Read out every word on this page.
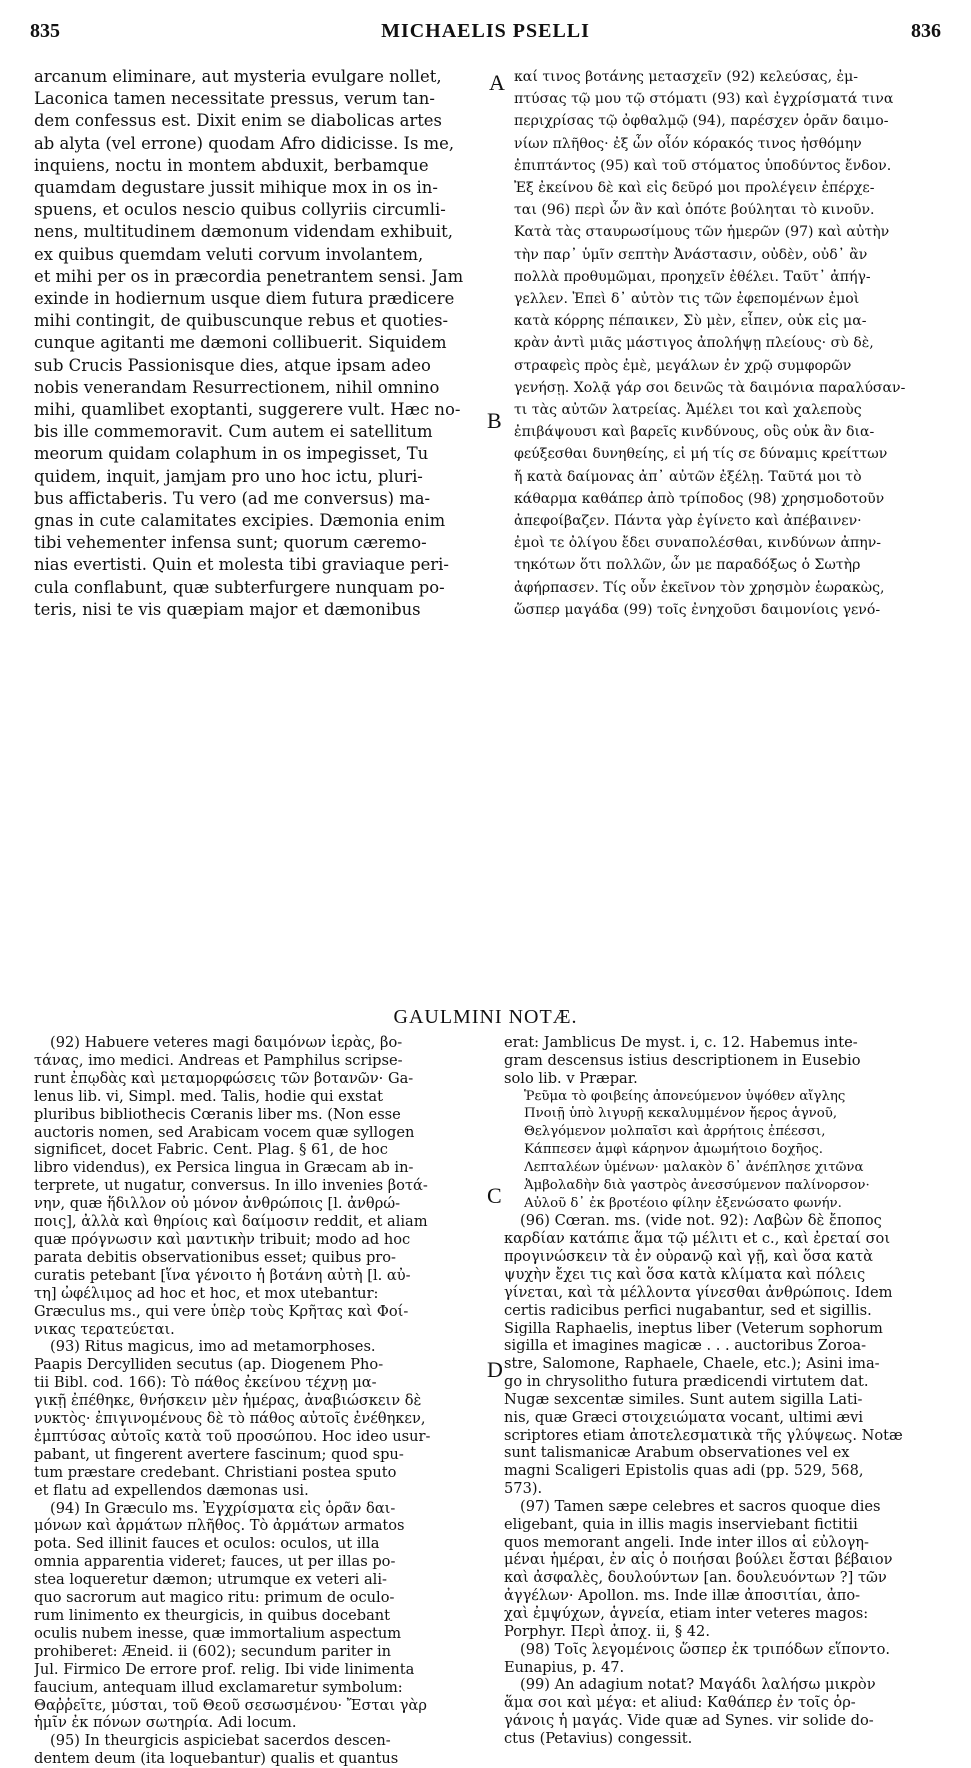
835	MICHAELIS PSELLI	836
A
B
C
D
arcanum eliminare, aut mysteria evulgare nollet,
Laconica tamen necessitate pressus, verum tan-
dem confessus est. Dixit enim se diabolicas artes
ab alyta (vel errone) quodam Afro didicisse. Is me,
inquiens, noctu in montem abduxit, berbamque
quamdam degustare jussit mihique mox in os in-
spuens, et oculos nescio quibus collyriis circumli-
nens, multitudinem dæmonum videndam exhibuit,
ex quibus quemdam veluti corvum involantem,
et mihi per os in præcordia penetrantem sensi. Jam
exinde in hodiernum usque diem futura prædicere
mihi contingit, de quibuscunque rebus et quoties-
cunque agitanti me dæmoni collibuerit. Siquidem
sub Crucis Passionisque dies, atque ipsam adeo
nobis venerandam Resurrectionem, nihil omnino
mihi, quamlibet exoptanti, suggerere vult. Hæc no-
bis ille commemoravit. Cum autem ei satellitum
meorum quidam colaphum in os impegisset, Tu
quidem, inquit, jamjam pro uno hoc ictu, pluri-
bus affictaberis. Tu vero (ad me conversus) ma-
gnas in cute calamitates excipies. Dæmonia enim
tibi vehementer infensa sunt; quorum cæremo-
nias evertisti. Quin et molesta tibi graviaque peri-
cula conflabunt, quæ subterfurgere nunquam po-
teris, nisi te vis quæpiam major et dæmonibus
καί τινος βοτάνης μετασχεῖν (92) κελεύσας, ἐμ-
πτύσας τῷ μου τῷ στόματι (93) καὶ ἐγχρίσματά τινα
περιχρίσας τῷ ὀφθαλμῷ (94), παρέσχεν ὁρᾶν δαιμο-
νίων πλῆθος· ἐξ ὧν οἷόν κόρακός τινος ἠσθόμην
ἐπιπτάντος (95) καὶ τοῦ στόματος ὑποδύντος ἔνδον.
Ἐξ ἐκείνου δὲ καὶ εἰς δεῦρό μοι προλέγειν ἐπέρχε-
ται (96) περὶ ὧν ἂν καὶ ὁπότε βούληται τὸ κινοῦν.
Κατὰ τὰς σταυρωσίμους τῶν ἡμερῶν (97) καὶ αὐτὴν
τὴν παρ᾽ ὑμῖν σεπτὴν Ἀνάστασιν, οὐδὲν, οὐδ᾽ ἂν
πολλὰ προθυμῶμαι, προηχεῖν ἐθέλει. Ταῦτ᾽ ἀπήγ-
γελλεν. Ἐπεὶ δ᾽ αὐτὸν τις τῶν ἐφεπομένων ἐμοὶ
κατὰ κόρρης πέπαικεν, Σὺ μὲν, εἶπεν, οὐκ εἰς μα-
κρὰν ἀντὶ μιᾶς μάστιγος ἀπολήψῃ πλείους· σὺ δὲ,
στραφεὶς πρὸς ἐμὲ, μεγάλων ἐν χρῷ συμφορῶν
γενήσῃ. Χολᾷ γάρ σοι δεινῶς τὰ δαιμόνια παραλύσαν-
τι τὰς αὐτῶν λατρείας. Ἀμέλει τοι καὶ χαλεποὺς
ἐπιβάψουσι καὶ βαρεῖς κινδύνους, οὓς οὐκ ἂν δια-
φεύξεσθαι δυνηθείης, εἰ μή τίς σε δύναμις κρείττων
ἤ κατὰ δαίμονας ἀπ᾽ αὐτῶν ἐξέλῃ. Ταῦτά μοι τὸ
κάθαρμα καθάπερ ἀπὸ τρίποδος (98) χρησμοδοτοῦν
ἀπεφοίβαζεν. Πάντα γὰρ ἐγίνετο καὶ ἀπέβαινεν·
ἐμοὶ τε ὀλίγου ἔδει συναπολέσθαι, κινδύνων ἀπην-
τηκότων ὅτι πολλῶν, ὧν με παραδόξως ὁ Σωτὴρ
ἀφήρπασεν. Τίς οὖν ἐκεῖνον τὸν χρησμὸν ἑωρακὼς,
ὥσπερ μαγάδα (99) τοῖς ἐνηχοῦσι δαιμονίοις γενό-
GAULMINI NOTÆ.
(92) Habuere veteres magi δαιμόνων ἱερὰς, βο-
τάνας, imo medici. Andreas et Pamphilus scripse-
runt ἐπῳδὰς καὶ μεταμορφώσεις τῶν βοτανῶν· Ga-
lenus lib. vi, Simpl. med. Talis, hodie qui exstat
pluribus bibliothecis Cœranis liber ms. (Non esse
auctoris nomen, sed Arabicam vocem quæ syllogen
significet, docet Fabric. Cent. Plag. § 61, de hoc
libro videndus), ex Persica lingua in Græcam ab in-
terprete, ut nugatur, conversus. In illo invenies βοτά-
νην, quæ ἥδιλλον οὐ μόνον ἀνθρώποις [l. ἀνθρώ-
ποις], ἀλλὰ καὶ θηρίοις καὶ δαίμοσιν reddit, et aliam
quæ πρόγνωσιν καὶ μαντικὴν tribuit; modo ad hoc
parata debitis observationibus esset; quibus pro-
curatis petebant [ἵνα γένοιτο ἡ βοτάνη αὐτὴ [l. αὐ-
τη] ὠφέλιμος ad hoc et hoc, et mox utebantur:
Græculus ms., qui vere ὑπὲρ τοὺς Κρῆτας καὶ Φοί-
νικας τερατεύεται.
(93) Ritus magicus, imo ad metamorphoses.
Paapis Dercylliden secutus (ap. Diogenem Pho-
tii Bibl. cod. 166): Τὸ πάθος ἐκείνου τέχνῃ μα-
γικῇ ἐπέθηκε, θνήσκειν μὲν ἡμέρας, ἀναβιώσκειν δὲ
νυκτὸς· ἐπιγινομένους δὲ τὸ πάθος αὐτοῖς ἐνέθηκεν,
ἐμπτύσας αὐτοῖς κατὰ τοῦ προσώπου. Hoc ideo usur-
pabant, ut fingerent avertere fascinum; quod spu-
tum præstare credebant. Christiani postea sputo
et flatu ad expellendos dæmonas usi.
(94) In Græculo ms. Ἐγχρίσματα εἰς ὁρᾶν δαι-
μόνων καὶ ἀρμάτων πλῆθος. Τὸ ἀρμάτων armatos
pota. Sed illinit fauces et oculos: oculos, ut illa
omnia apparentia videret; fauces, ut per illas po-
stea loqueretur dæmon; utrumque ex veteri ali-
quo sacrorum aut magico ritu: primum de oculo-
rum linimento ex theurgicis, in quibus docebant
oculis nubem inesse, quæ immortalium aspectum
prohiberet: Æneid. ii (602); secundum pariter in
Jul. Firmico De errore prof. relig. Ibi vide linimenta
faucium, antequam illud exclamaretur symbolum:
Θαῤῥεῖτε, μύσται, τοῦ Θεοῦ σεσωσμένου· Ἔσται γὰρ
ἡμῖν ἐκ πόνων σωτηρία. Adi locum.
(95) In theurgicis aspiciebat sacerdos descen-
dentem deum (ita loquebantur) qualis et quantus
erat: Jamblicus De myst. i, c. 12. Habemus inte-
gram descensus istius descriptionem in Eusebio
solo lib. v Præpar.
Ῥεῦμα τὸ φοιβείης ἀπονεύμενον ὑψόθεν αἴγλης
Πνοιῇ ὑπὸ λιγυρῇ κεκαλυμμένον ἤερος ἁγνοῦ,
Θελγόμενον μολπαῖσι καὶ ἀρρήτοις ἐπέεσσι,
Κάππεσεν ἀμφὶ κάρηνον ἀμωμήτοιο δοχῆος.
Λεπταλέων ὑμένων· μαλακὸν δ᾽ ἀνέπλησε χιτῶνα
Ἀμβολαδὴν διὰ γαστρὸς ἀνεσσύμενον παλίνορσον·
Αὐλοῦ δ᾽ ἐκ βροτέοιο φίλην ἐξενώσατο φωνήν.
(96) Cœran. ms. (vide not. 92): Λαβὼν δὲ ἔποπος
καρδίαν κατάπιε ἅμα τῷ μέλιτι et c., καὶ ἐρεταί σοι
προγινώσκειν τὰ ἐν οὐρανῷ καὶ γῇ, καὶ ὅσα κατὰ
ψυχὴν ἔχει τις καὶ ὅσα κατὰ κλίματα καὶ πόλεις
γίνεται, καὶ τὰ μέλλοντα γίνεσθαι ἀνθρώποις. Idem
certis radicibus perfici nugabantur, sed et sigillis.
Sigilla Raphaelis, ineptus liber (Veterum sophorum
sigilla et imagines magicæ . . . auctoribus Zoroa-
stre, Salomone, Raphaele, Chaele, etc.); Asini ima-
go in chrysolitho futura prædicendi virtutem dat.
Nugæ sexcentæ similes. Sunt autem sigilla Lati-
nis, quæ Græci στοιχειώματα vocant, ultimi ævi
scriptores etiam ἀποτελεσματικὰ τῆς γλύψεως. Notæ
sunt talismanicæ Arabum observationes vel ex
magni Scaligeri Epistolis quas adi (pp. 529, 568,
573).
(97) Tamen sæpe celebres et sacros quoque dies
eligebant, quia in illis magis inserviebant fictitii
quos memorant angeli. Inde inter illos αἱ εὐλογη-
μέναι ἡμέραι, ἐν αἷς ὁ ποιήσαι βούλει ἔσται βέβαιον
καὶ ἀσφαλὲς, δουλούντων [an. δουλευόντων ?] τῶν
ἀγγέλων· Apollon. ms. Inde illæ ἀποσιτίαι, ἀπο-
χαὶ ἐμψύχων, ἁγνεία, etiam inter veteres magos:
Porphyr. Περὶ ἀποχ. ii, § 42.
(98) Τοῖς λεγομένοις ὥσπερ ἐκ τριπόδων εἵποντο.
Eunapius, p. 47.
(99) An adagium notat? Μαγάδι λαλήσω μικρὸν
ἅμα σοι καὶ μέγα: et aliud: Καθάπερ ἐν τοῖς ὀρ-
γάνοις ἡ μαγάς. Vide quæ ad Synes. vir solide do-
ctus (Petavius) congessit.
